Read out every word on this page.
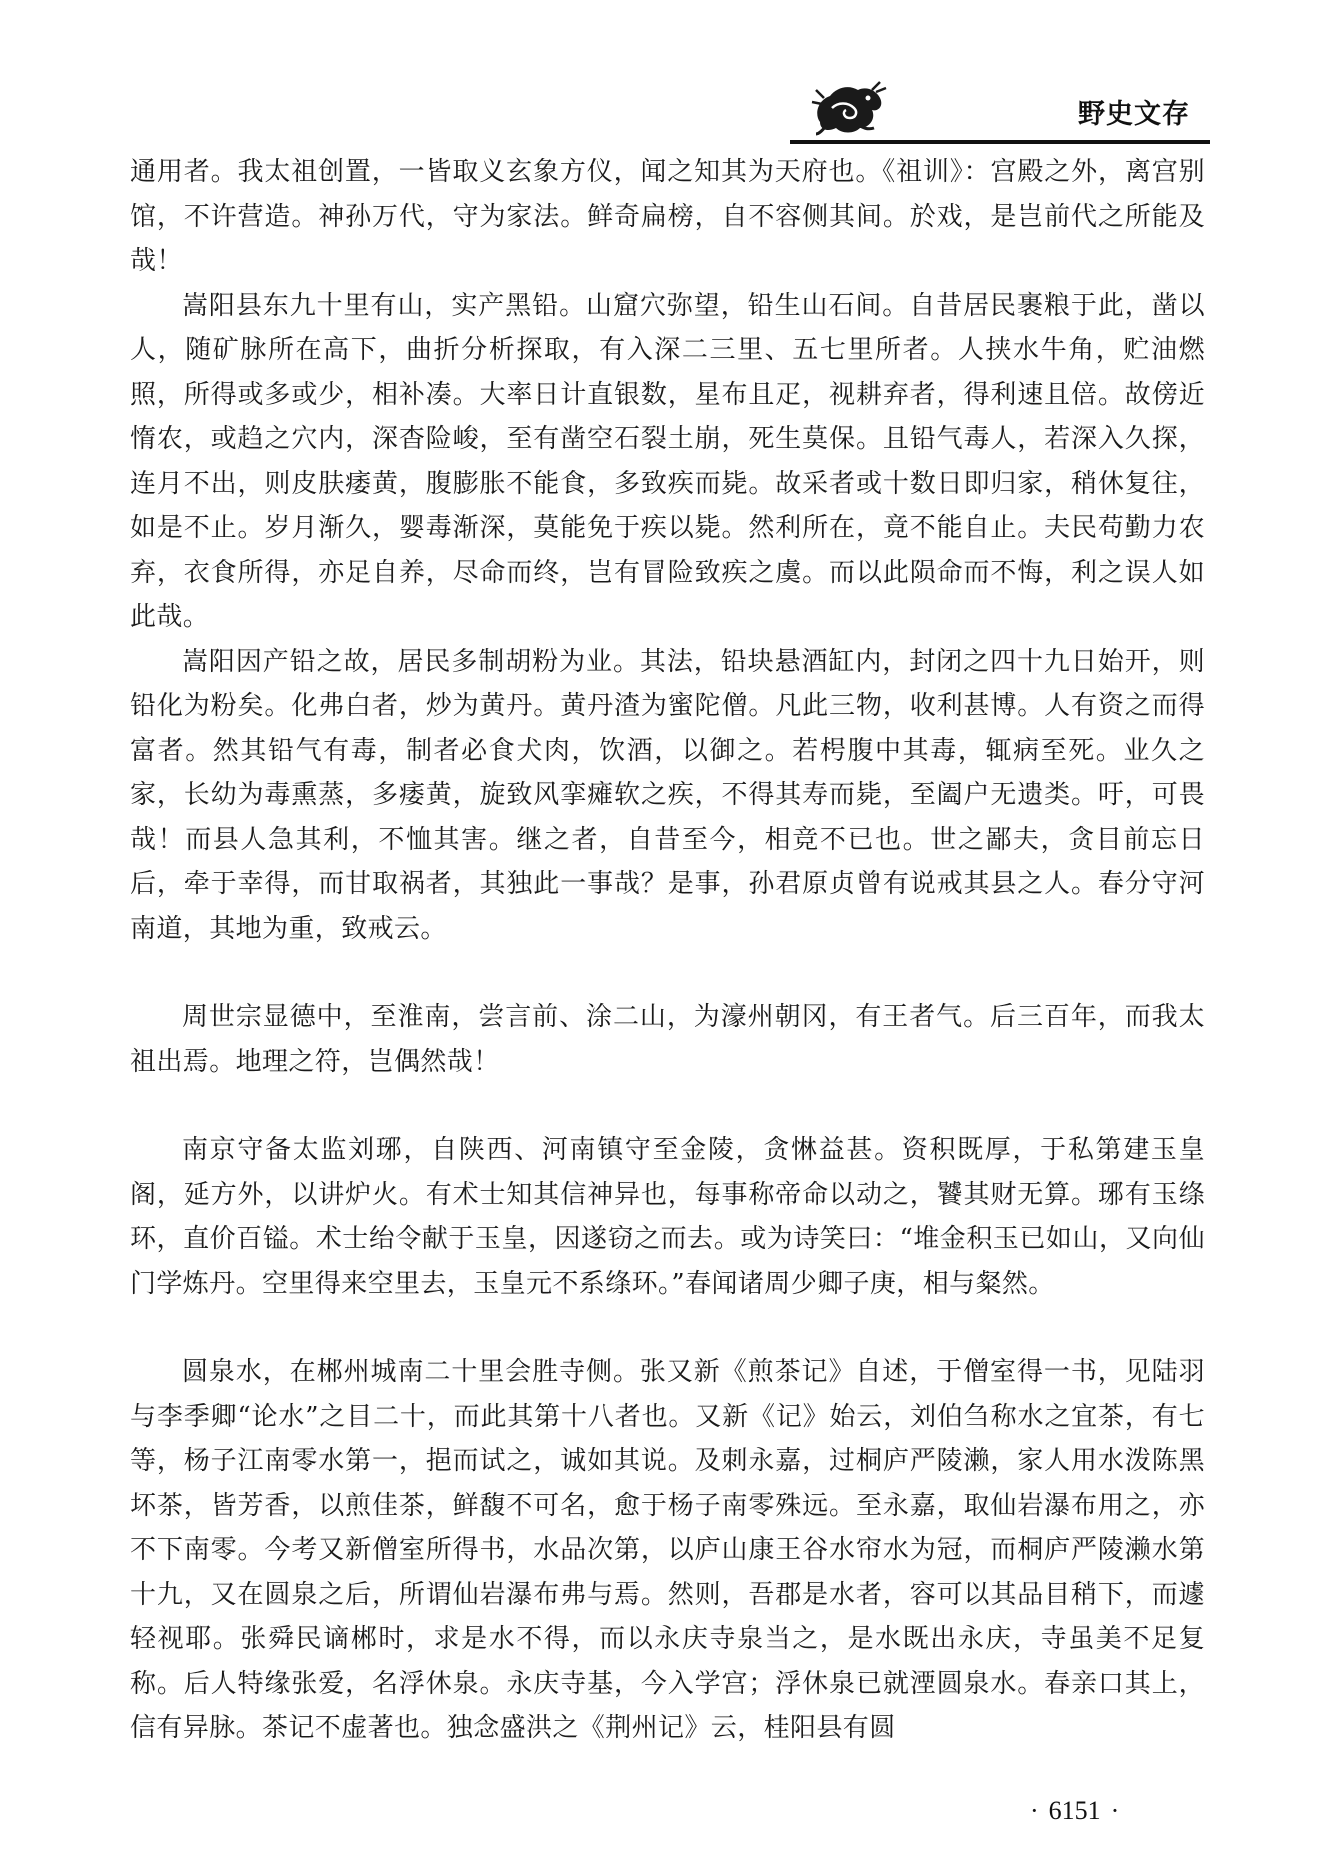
野史文存

通用者。我太祖创置，一皆取义玄象方仪，闻之知其为天府也。《祖训》：宫殿之外，离宫别馆，不许营造。神孙万代，守为家法。鲜奇扁榜，自不容侧其间。於戏，是岂前代之所能及哉！

嵩阳县东九十里有山，实产黑铅。山窟穴弥望，铅生山石间。自昔居民裹粮于此，凿以人，随矿脉所在高下，曲折分析探取，有入深二三里、五七里所者。人挟水牛角，贮油燃照，所得或多或少，相补凑。大率日计直银数，星布且疋，视耕弃者，得利速且倍。故傍近惰农，或趋之穴内，深杳险峻，至有凿空石裂土崩，死生莫保。且铅气毒人，若深入久探，连月不出，则皮肤痿黄，腹膨胀不能食，多致疾而毙。故采者或十数日即归家，稍休复往，如是不止。岁月渐久，婴毒渐深，莫能免于疾以毙。然利所在，竟不能自止。夫民苟勤力农弃，衣食所得，亦足自养，尽命而终，岂有冒险致疾之虞。而以此陨命而不悔，利之误人如此哉。

嵩阳因产铅之故，居民多制胡粉为业。其法，铅块悬酒缸内，封闭之四十九日始开，则铅化为粉矣。化弗白者，炒为黄丹。黄丹渣为蜜陀僧。凡此三物，收利甚博。人有资之而得富者。然其铅气有毒，制者必食犬肉，饮酒，以御之。若枵腹中其毒，辄病至死。业久之家，长幼为毒熏蒸，多痿黄，旋致风挛瘫软之疾，不得其寿而毙，至阖户无遗类。吁，可畏哉！而县人急其利，不恤其害。继之者，自昔至今，相竞不已也。世之鄙夫，贪目前忘日后，牵于幸得，而甘取祸者，其独此一事哉？是事，孙君原贞曾有说戒其县之人。春分守河南道，其地为重，致戒云。

周世宗显德中，至淮南，尝言前、涂二山，为濠州朝冈，有王者气。后三百年，而我太祖出焉。地理之符，岂偶然哉！

南京守备太监刘琊，自陕西、河南镇守至金陵，贪惏益甚。资积既厚，于私第建玉皇阁，延方外，以讲炉火。有术士知其信神异也，每事称帝命以动之，饕其财无算。琊有玉绦环，直价百镒。术士绐令献于玉皇，因遂窃之而去。或为诗笑曰：“堆金积玉已如山，又向仙门学炼丹。空里得来空里去，玉皇元不系绦环。”春闻诸周少卿子庚，相与粲然。

圆泉水，在郴州城南二十里会胜寺侧。张又新《煎茶记》自述，于僧室得一书，见陆羽与李季卿“论水”之目二十，而此其第十八者也。又新《记》始云，刘伯刍称水之宜茶，有七等，杨子江南零水第一，挹而试之，诚如其说。及刺永嘉，过桐庐严陵濑，家人用水泼陈黑坏茶，皆芳香，以煎佳茶，鲜馥不可名，愈于杨子南零殊远。至永嘉，取仙岩瀑布用之，亦不下南零。今考又新僧室所得书，水品次第，以庐山康王谷水帘水为冠，而桐庐严陵濑水第十九，又在圆泉之后，所谓仙岩瀑布弗与焉。然则，吾郡是水者，容可以其品目稍下，而遽轻视耶。张舜民谪郴时，求是水不得，而以永庆寺泉当之，是水既出永庆，寺虽美不足复称。后人特缘张爱，名浮休泉。永庆寺基，今入学宫；浮休泉已就湮圆泉水。春亲口其上，信有异脉。茶记不虚著也。独念盛洪之《荆州记》云，桂阳县有圆

· 6151 ·
